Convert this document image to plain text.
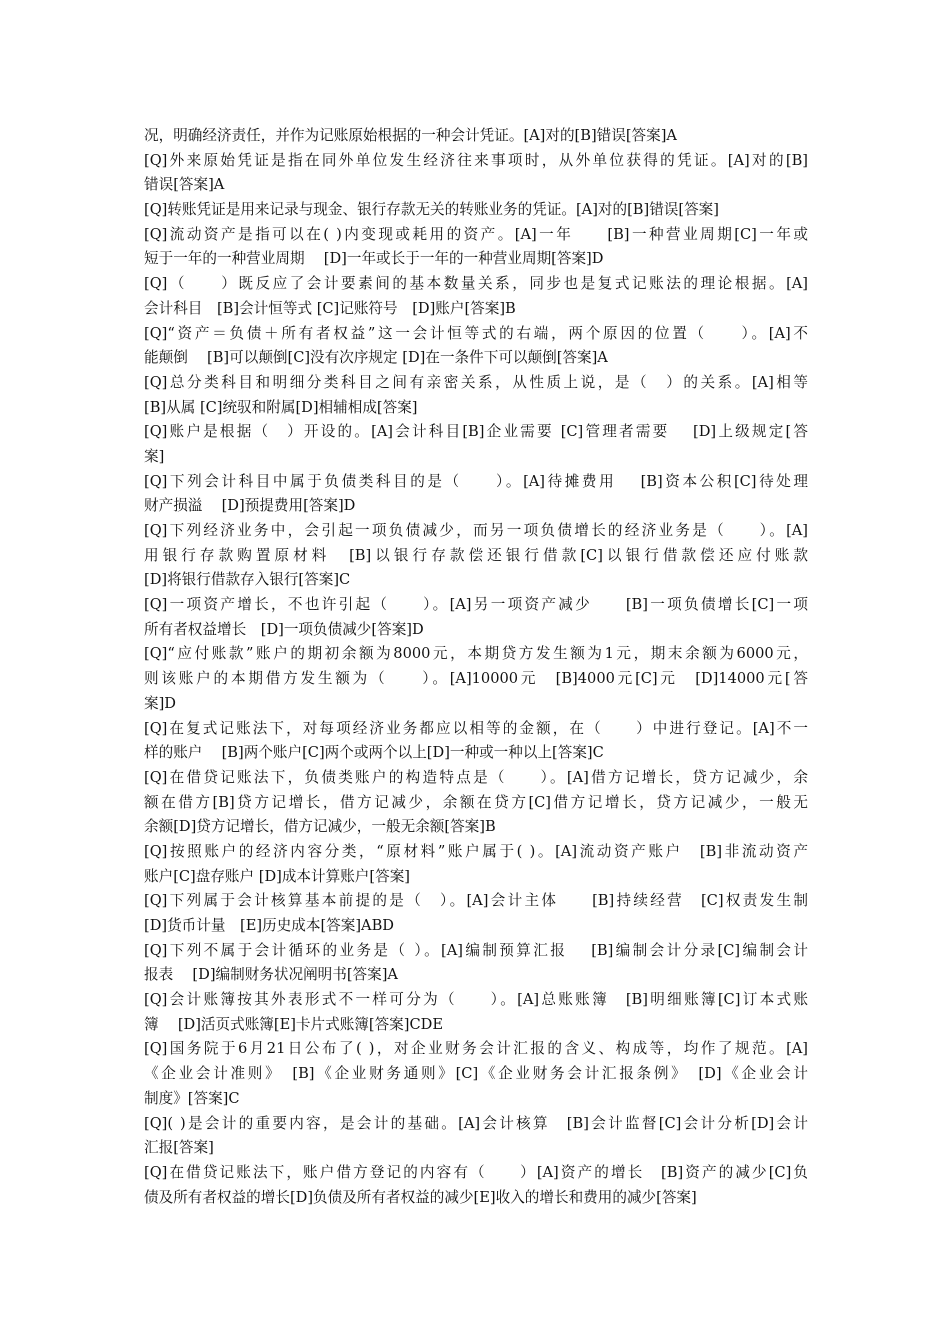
况，明确经济责任，并作为记账原始根据的一种会计凭证。[A]对的[B]错误[答案]A
[Q]外来原始凭证是指在同外单位发生经济往来事项时，从外单位获得的凭证。[A]对的[B]
错误[答案]A
[Q]转账凭证是用来记录与现金、银行存款无关的转账业务的凭证。[A]对的[B]错误[答案]
[Q]流动资产是指可以在( )内变现或耗用的资产。[A]一年　　[B]一种营业周期[C]一年或
短于一年的一种营业周期　 [D]一年或长于一年的一种营业周期[答案]D
[Q]（　　）既反应了会计要素间的基本数量关系，同步也是复式记账法的理论根据。[A]
会计科目　[B]会计恒等式 [C]记账符号　[D]账户[答案]B
[Q]“资产＝负债＋所有者权益”这一会计恒等式的右端，两个原因的位置（　　）。[A]不
能颠倒　 [B]可以颠倒[C]没有次序规定 [D]在一条件下可以颠倒[答案]A
[Q]总分类科目和明细分类科目之间有亲密关系，从性质上说，是（　）的关系。[A]相等
[B]从属 [C]统驭和附属[D]相辅相成[答案]
[Q]账户是根据（　）开设的。[A]会计科目[B]企业需要 [C]管理者需要　 [D]上级规定[答
案]
[Q]下列会计科目中属于负债类科目的是（　　）。[A]待摊费用　 [B]资本公积[C]待处理
财产损溢　 [D]预提费用[答案]D
[Q]下列经济业务中，会引起一项负债减少，而另一项负债增长的经济业务是（　　）。[A]
用银行存款购置原材料　[B]以银行存款偿还银行借款[C]以银行借款偿还应付账款
[D]将银行借款存入银行[答案]C
[Q]一项资产增长，不也许引起（　　）。[A]另一项资产减少　　[B]一项负债增长[C]一项
所有者权益增长　[D]一项负债减少[答案]D
[Q]“应付账款”账户的期初余额为8000元，本期贷方发生额为1元，期末余额为6000元，
则该账户的本期借方发生额为（　　）。[A]10000元　[B]4000元[C]元　[D]14000元[答
案]D
[Q]在复式记账法下，对每项经济业务都应以相等的金额，在（　　）中进行登记。[A]不一
样的账户　 [B]两个账户[C]两个或两个以上[D]一种或一种以上[答案]C
[Q]在借贷记账法下，负债类账户的构造特点是（　　）。[A]借方记增长，贷方记减少，余
额在借方[B]贷方记增长，借方记减少，余额在贷方[C]借方记增长，贷方记减少，一般无
余额[D]贷方记增长，借方记减少，一般无余额[答案]B
[Q]按照账户的经济内容分类，“原材料”账户属于( )。[A]流动资产账户　[B]非流动资产
账户[C]盘存账户 [D]成本计算账户[答案]
[Q]下列属于会计核算基本前提的是（　）。[A]会计主体　　[B]持续经营　[C]权责发生制
[D]货币计量　[E]历史成本[答案]ABD
[Q]下列不属于会计循环的业务是（ ）。[A]编制预算汇报　 [B]编制会计分录[C]编制会计
报表　 [D]编制财务状况阐明书[答案]A
[Q]会计账簿按其外表形式不一样可分为（　　）。[A]总账账簿　[B]明细账簿[C]订本式账
簿　 [D]活页式账簿[E]卡片式账簿[答案]CDE
[Q]国务院于6月21日公布了( )，对企业财务会计汇报的含义、构成等，均作了规范。[A]
《企业会计准则》　[B]《企业财务通则》[C]《企业财务会计汇报条例》　[D]《企业会计
制度》[答案]C
[Q]( )是会计的重要内容，是会计的基础。[A]会计核算　[B]会计监督[C]会计分析[D]会计
汇报[答案]
[Q]在借贷记账法下，账户借方登记的内容有（　　）[A]资产的增长　[B]资产的减少[C]负
债及所有者权益的增长[D]负债及所有者权益的减少[E]收入的增长和费用的减少[答案]
